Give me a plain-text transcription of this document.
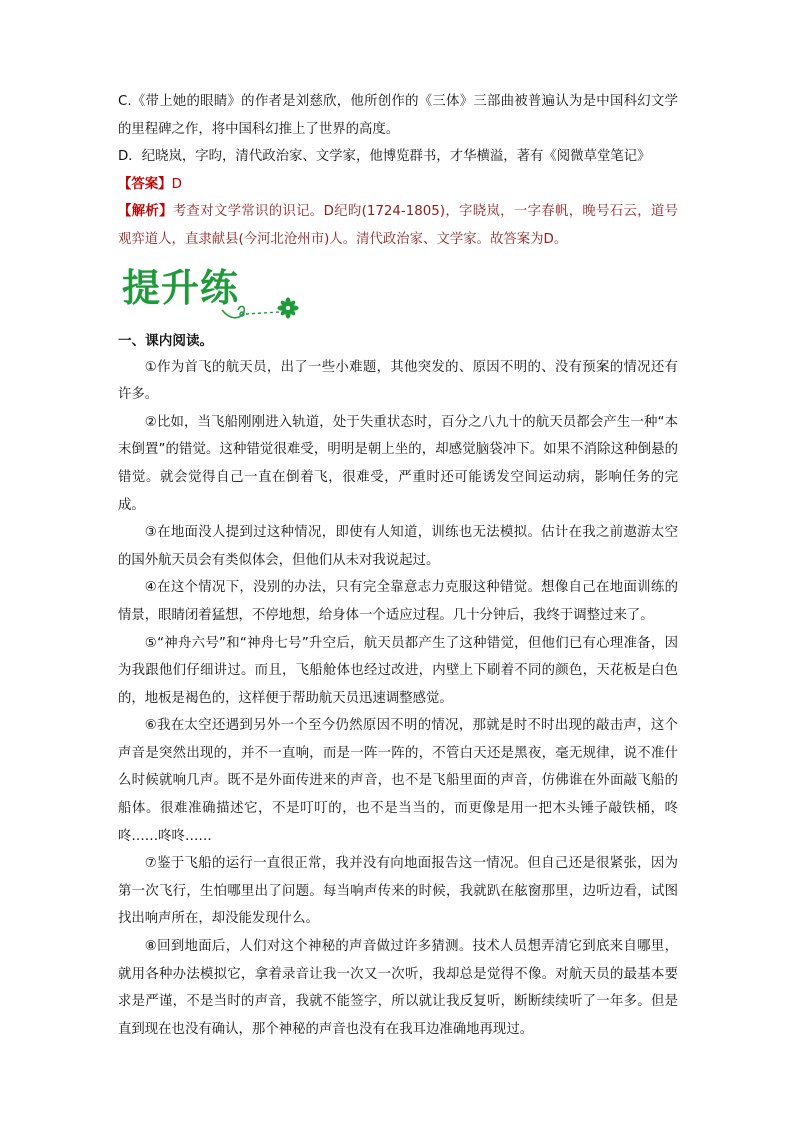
C.《带上她的眼睛》的作者是刘慈欣，他所创作的《三体》三部曲被普遍认为是中国科幻文学的里程碑之作，将中国科幻推上了世界的高度。

D．纪晓岚，字昀，清代政治家、文学家，他博览群书，才华横溢，著有《阅微草堂笔记》

【答案】D

【解析】考查对文学常识的识记。D纪昀(1724-1805)，字晓岚，一字春帆，晚号石云，道号观弈道人，直隶献县(今河北沧州市)人。清代政治家、文学家。故答案为D。

提升练

一、课内阅读。

①作为首飞的航天员，出了一些小难题，其他突发的、原因不明的、没有预案的情况还有许多。

②比如，当飞船刚刚进入轨道，处于失重状态时，百分之八九十的航天员都会产生一种“本末倒置”的错觉。这种错觉很难受，明明是朝上坐的，却感觉脑袋冲下。如果不消除这种倒悬的错觉。就会觉得自己一直在倒着飞，很难受，严重时还可能诱发空间运动病，影响任务的完成。

③在地面没人提到过这种情况，即使有人知道，训练也无法模拟。估计在我之前遨游太空的国外航天员会有类似体会，但他们从未对我说起过。

④在这个情况下，没别的办法，只有完全靠意志力克服这种错觉。想像自己在地面训练的情景，眼睛闭着猛想，不停地想，给身体一个适应过程。几十分钟后，我终于调整过来了。

⑤“神舟六号”和“神舟七号”升空后，航天员都产生了这种错觉，但他们已有心理准备，因为我跟他们仔细讲过。而且，飞船舱体也经过改进，内壁上下刷着不同的颜色，天花板是白色的，地板是褐色的，这样便于帮助航天员迅速调整感觉。

⑥我在太空还遇到另外一个至今仍然原因不明的情况，那就是时不时出现的敲击声，这个声音是突然出现的，并不一直响，而是一阵一阵的，不管白天还是黑夜，毫无规律，说不准什么时候就响几声。既不是外面传进来的声音，也不是飞船里面的声音，仿佛谁在外面敲飞船的船体。很难准确描述它，不是叮叮的，也不是当当的，而更像是用一把木头锤子敲铁桶，咚咚……咚咚……

⑦鉴于飞船的运行一直很正常，我并没有向地面报告这一情况。但自己还是很紧张，因为第一次飞行，生怕哪里出了问题。每当响声传来的时候，我就趴在舷窗那里，边听边看，试图找出响声所在，却没能发现什么。

⑧回到地面后，人们对这个神秘的声音做过许多猜测。技术人员想弄清它到底来自哪里，就用各种办法模拟它，拿着录音让我一次又一次听，我却总是觉得不像。对航天员的最基本要求是严谨，不是当时的声音，我就不能签字，所以就让我反复听，断断续续听了一年多。但是直到现在也没有确认，那个神秘的声音也没有在我耳边准确地再现过。
